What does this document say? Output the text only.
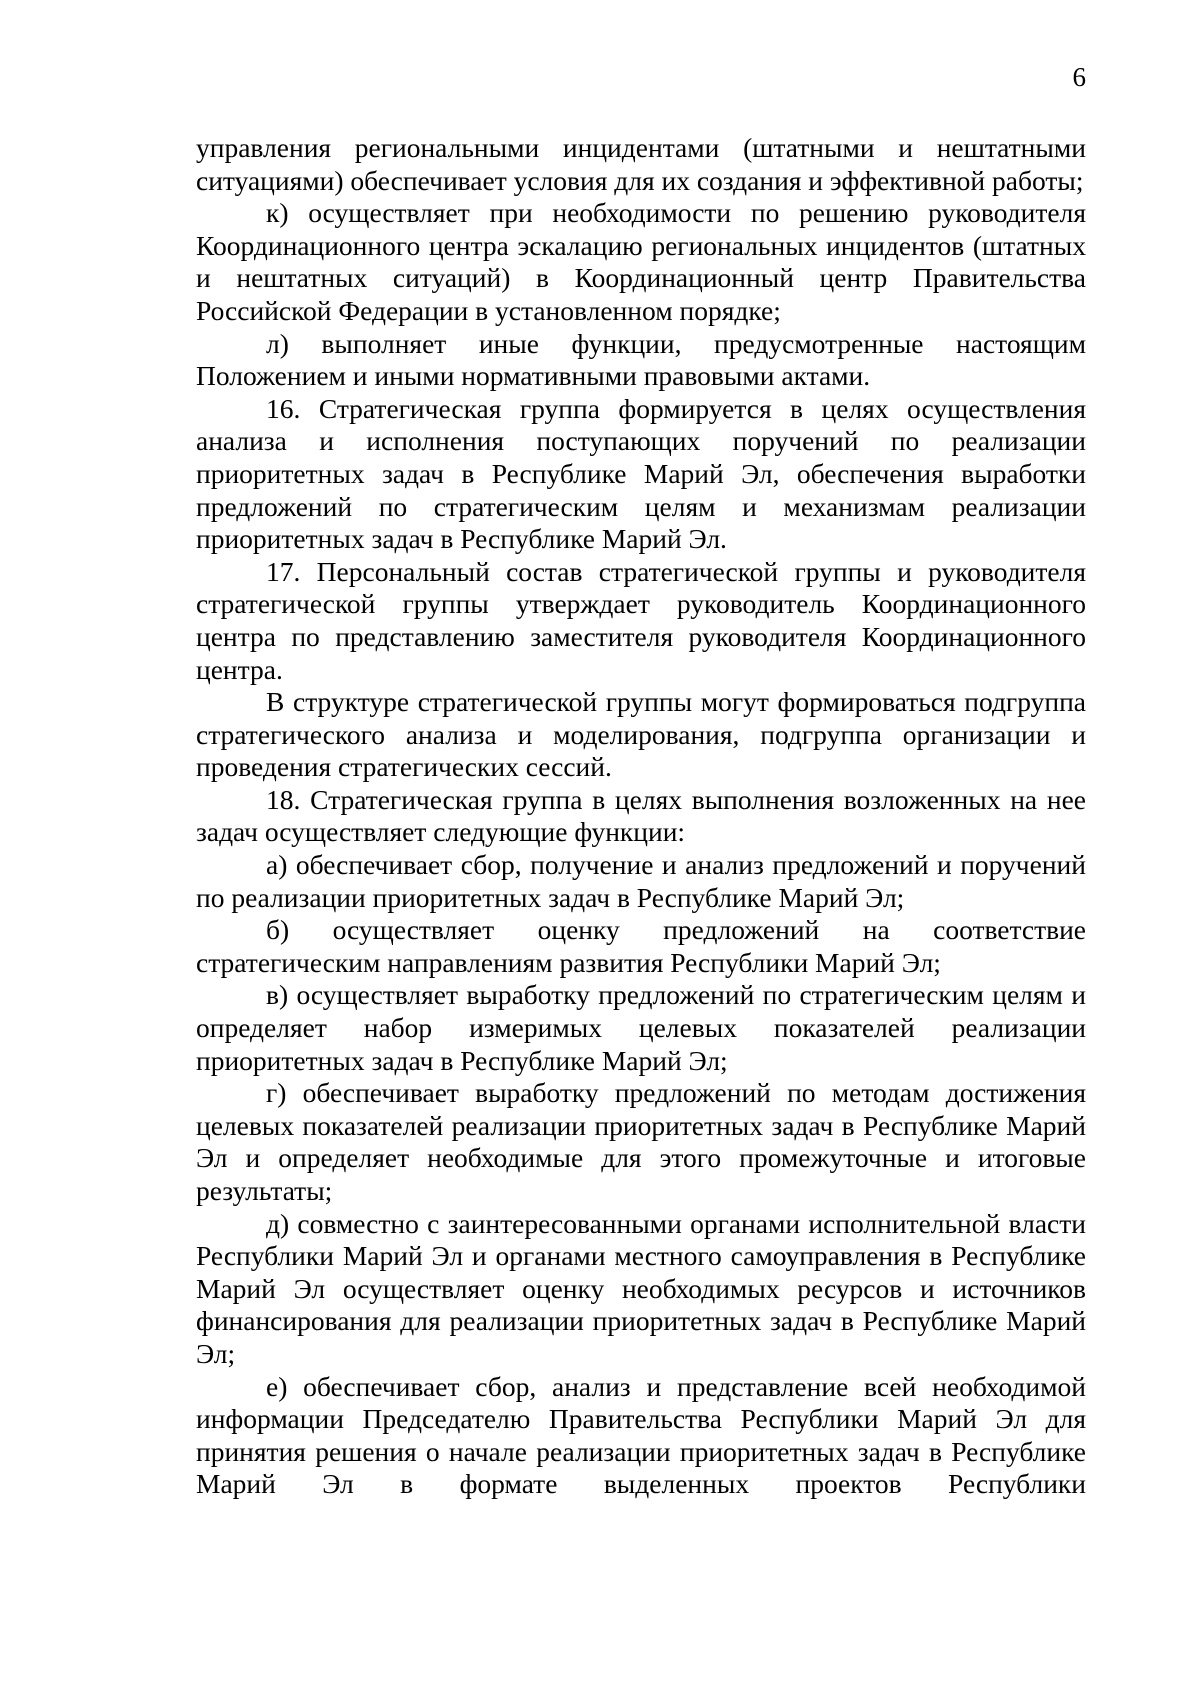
6

управления региональными инцидентами (штатными и нештатными ситуациями) обеспечивает условия для их создания и эффективной работы;

к) осуществляет при необходимости по решению руководителя Координационного центра эскалацию региональных инцидентов (штатных и нештатных ситуаций) в Координационный центр Правительства Российской Федерации в установленном порядке;

л) выполняет иные функции, предусмотренные настоящим Положением и иными нормативными правовыми актами.

16. Стратегическая группа формируется в целях осуществления анализа и исполнения поступающих поручений по реализации приоритетных задач в Республике Марий Эл, обеспечения выработки предложений по стратегическим целям и механизмам реализации приоритетных задач в Республике Марий Эл.

17. Персональный состав стратегической группы и руководителя стратегической группы утверждает руководитель Координационного центра по представлению заместителя руководителя Координационного центра.

В структуре стратегической группы могут формироваться подгруппа стратегического анализа и моделирования, подгруппа организации и проведения стратегических сессий.

18. Стратегическая группа в целях выполнения возложенных на нее задач осуществляет следующие функции:

а) обеспечивает сбор, получение и анализ предложений и поручений по реализации приоритетных задач в Республике Марий Эл;

б) осуществляет оценку предложений на соответствие стратегическим направлениям развития Республики Марий Эл;

в) осуществляет выработку предложений по стратегическим целям и определяет набор измеримых целевых показателей реализации приоритетных задач в Республике Марий Эл;

г) обеспечивает выработку предложений по методам достижения целевых показателей реализации приоритетных задач в Республике Марий Эл и определяет необходимые для этого промежуточные и итоговые результаты;

д) совместно с заинтересованными органами исполнительной власти Республики Марий Эл и органами местного самоуправления в Республике Марий Эл осуществляет оценку необходимых ресурсов и источников финансирования для реализации приоритетных задач в Республике Марий Эл;

е) обеспечивает сбор, анализ и представление всей необходимой информации Председателю Правительства Республики Марий Эл для принятия решения о начале реализации приоритетных задач в Республике Марий Эл в формате выделенных проектов Республики
